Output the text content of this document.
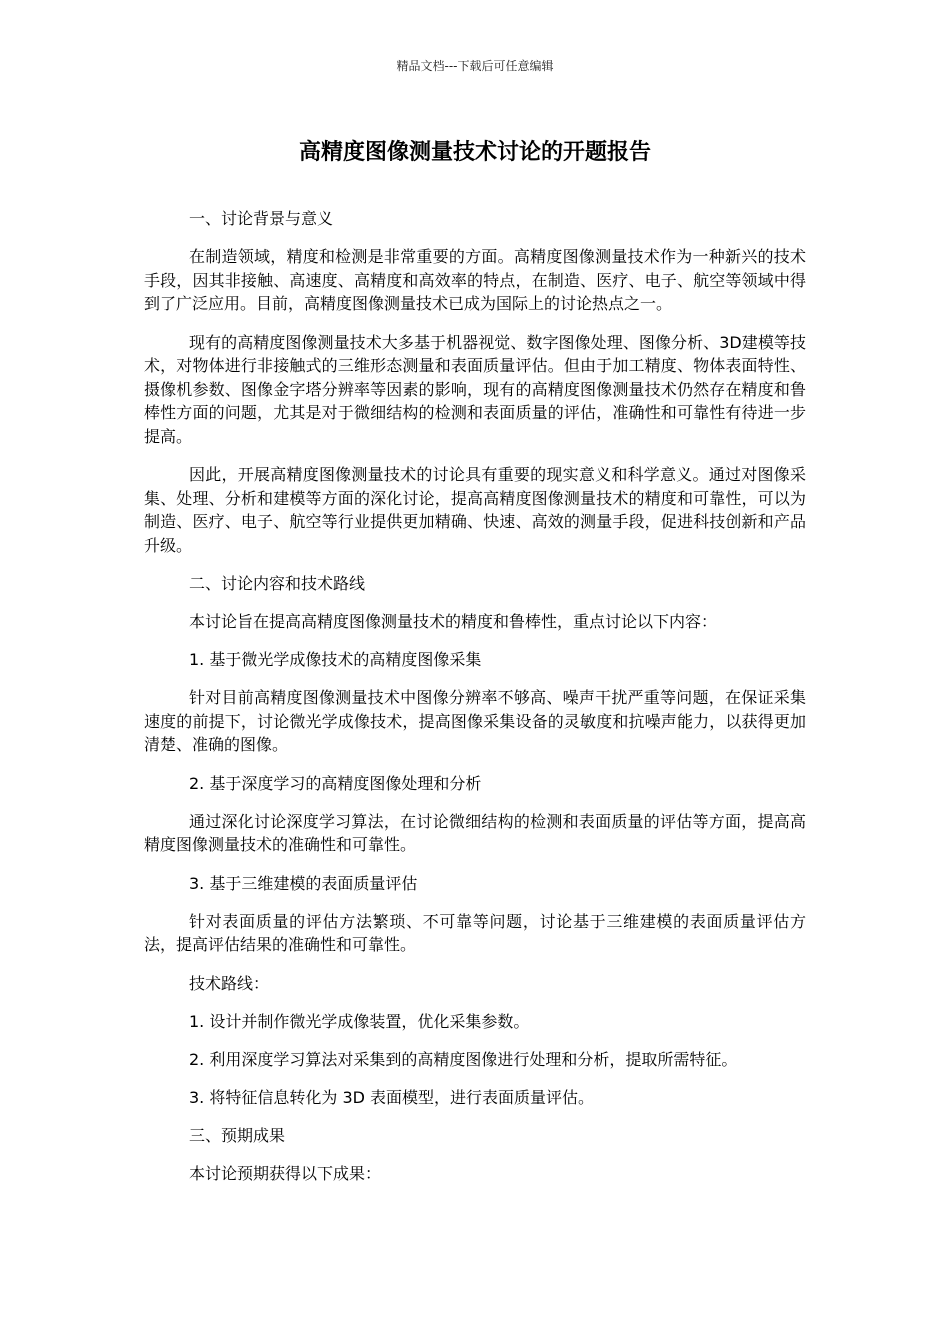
精品文档---下载后可任意编辑
高精度图像测量技术讨论的开题报告

一、讨论背景与意义

在制造领域，精度和检测是非常重要的方面。高精度图像测量技术作为一种新兴的技术手段，因其非接触、高速度、高精度和高效率的特点，在制造、医疗、电子、航空等领域中得到了广泛应用。目前，高精度图像测量技术已成为国际上的讨论热点之一。

现有的高精度图像测量技术大多基于机器视觉、数字图像处理、图像分析、3D建模等技术，对物体进行非接触式的三维形态测量和表面质量评估。但由于加工精度、物体表面特性、摄像机参数、图像金字塔分辨率等因素的影响，现有的高精度图像测量技术仍然存在精度和鲁棒性方面的问题，尤其是对于微细结构的检测和表面质量的评估，准确性和可靠性有待进一步提高。

因此，开展高精度图像测量技术的讨论具有重要的现实意义和科学意义。通过对图像采集、处理、分析和建模等方面的深化讨论，提高高精度图像测量技术的精度和可靠性，可以为制造、医疗、电子、航空等行业提供更加精确、快速、高效的测量手段，促进科技创新和产品升级。

二、讨论内容和技术路线

本讨论旨在提高高精度图像测量技术的精度和鲁棒性，重点讨论以下内容：

1. 基于微光学成像技术的高精度图像采集

针对目前高精度图像测量技术中图像分辨率不够高、噪声干扰严重等问题，在保证采集速度的前提下，讨论微光学成像技术，提高图像采集设备的灵敏度和抗噪声能力，以获得更加清楚、准确的图像。

2. 基于深度学习的高精度图像处理和分析

通过深化讨论深度学习算法，在讨论微细结构的检测和表面质量的评估等方面，提高高精度图像测量技术的准确性和可靠性。

3. 基于三维建模的表面质量评估

针对表面质量的评估方法繁琐、不可靠等问题，讨论基于三维建模的表面质量评估方法，提高评估结果的准确性和可靠性。

技术路线：

1. 设计并制作微光学成像装置，优化采集参数。

2. 利用深度学习算法对采集到的高精度图像进行处理和分析，提取所需特征。

3. 将特征信息转化为 3D 表面模型，进行表面质量评估。

三、预期成果

本讨论预期获得以下成果：
